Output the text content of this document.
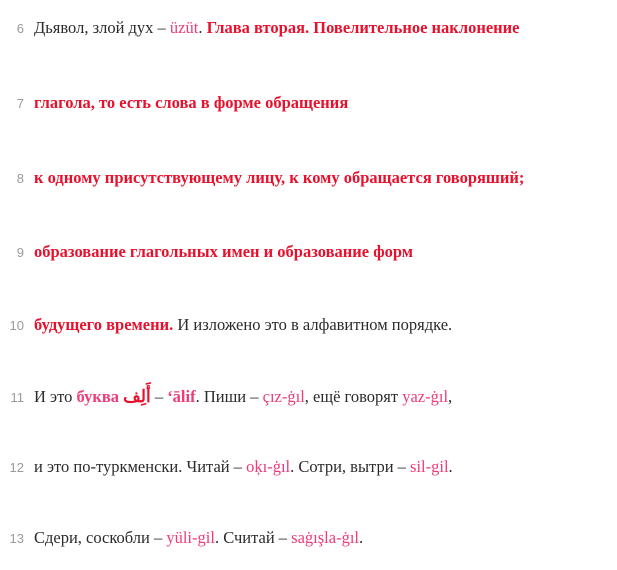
6 Дьявол, злой дух – üzüt. Глава вторая. Повелительное наклонение
7 глагола, то есть слова в форме обращения
8 к одному присутствующему лицу, к кому обращается говоряший;
9 образование глагольных имен и образование форм
10 будущего времени. И изложено это в алфавитном порядке.
11 И это буква أَلِف – ‘ālif. Пиши – çız-ġıl, ещё говорят yaz-ġıl,
12 и это по-туркменски. Читай – oķı-ġıl. Сотри, вытри – sil-gil.
13 Сдери, соскобли – yüli-gil. Считай – saġışla-ġıl.
